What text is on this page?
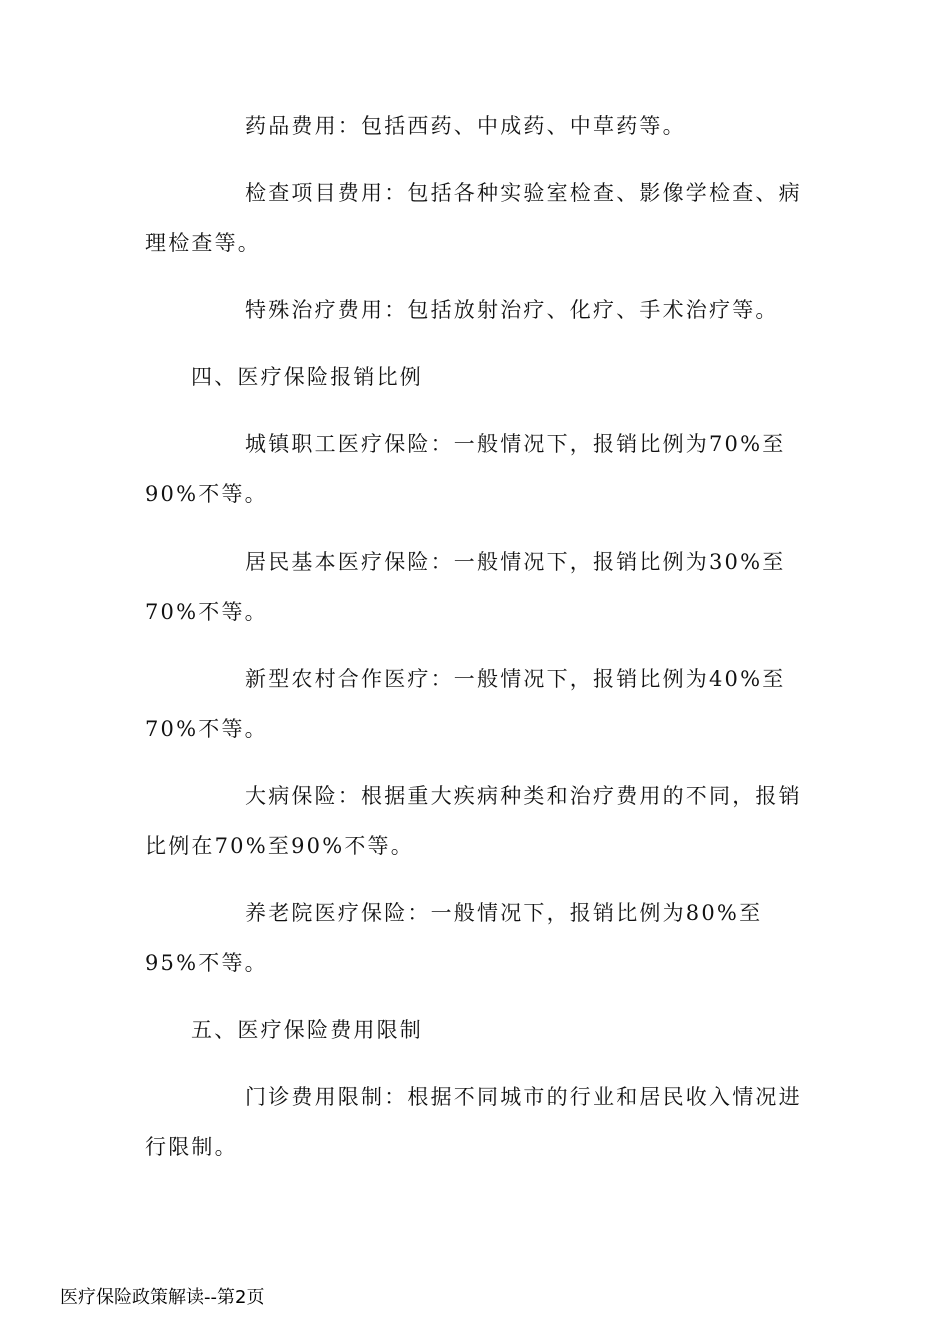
药品费用：包括西药、中成药、中草药等。

检查项目费用：包括各种实验室检查、影像学检查、病理检查等。

特殊治疗费用：包括放射治疗、化疗、手术治疗等。

四、医疗保险报销比例

城镇职工医疗保险：一般情况下，报销比例为70%至90%不等。

居民基本医疗保险：一般情况下，报销比例为30%至70%不等。

新型农村合作医疗：一般情况下，报销比例为40%至70%不等。

大病保险：根据重大疾病种类和治疗费用的不同，报销比例在70%至90%不等。

养老院医疗保险：一般情况下，报销比例为80%至95%不等。

五、医疗保险费用限制

门诊费用限制：根据不同城市的行业和居民收入情况进行限制。

医疗保险政策解读--第2页
